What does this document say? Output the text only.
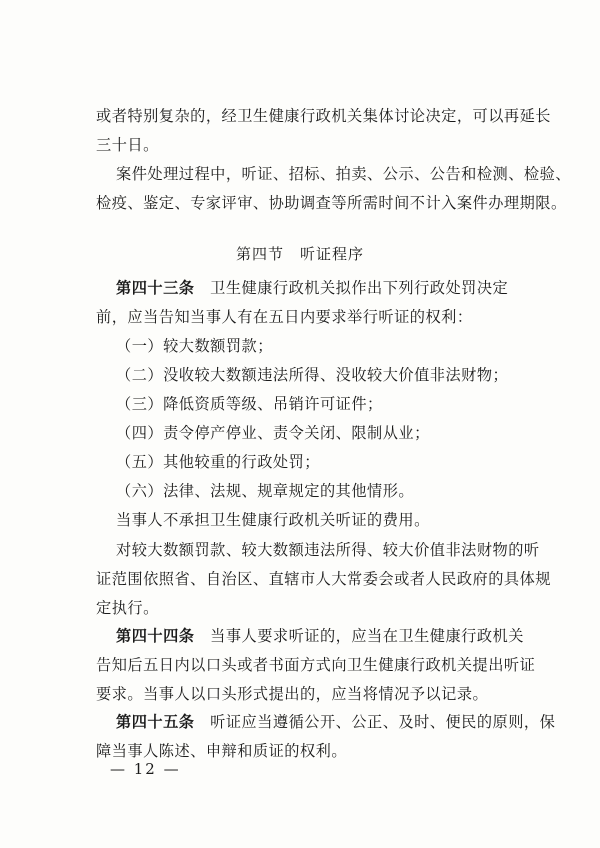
或者特别复杂的，经卫生健康行政机关集体讨论决定，可以再延长
三十日。
案件处理过程中，听证、招标、拍卖、公示、公告和检测、检验、
检疫、鉴定、专家评审、协助调查等所需时间不计入案件办理期限。
第四节　听证程序
第四十三条　卫生健康行政机关拟作出下列行政处罚决定
前，应当告知当事人有在五日内要求举行听证的权利：
（一）较大数额罚款；
（二）没收较大数额违法所得、没收较大价值非法财物；
（三）降低资质等级、吊销许可证件；
（四）责令停产停业、责令关闭、限制从业；
（五）其他较重的行政处罚；
（六）法律、法规、规章规定的其他情形。
当事人不承担卫生健康行政机关听证的费用。
对较大数额罚款、较大数额违法所得、较大价值非法财物的听
证范围依照省、自治区、直辖市人大常委会或者人民政府的具体规
定执行。
第四十四条　当事人要求听证的，应当在卫生健康行政机关
告知后五日内以口头或者书面方式向卫生健康行政机关提出听证
要求。当事人以口头形式提出的，应当将情况予以记录。
第四十五条　听证应当遵循公开、公正、及时、便民的原则，保
障当事人陈述、申辩和质证的权利。
— 12 —
